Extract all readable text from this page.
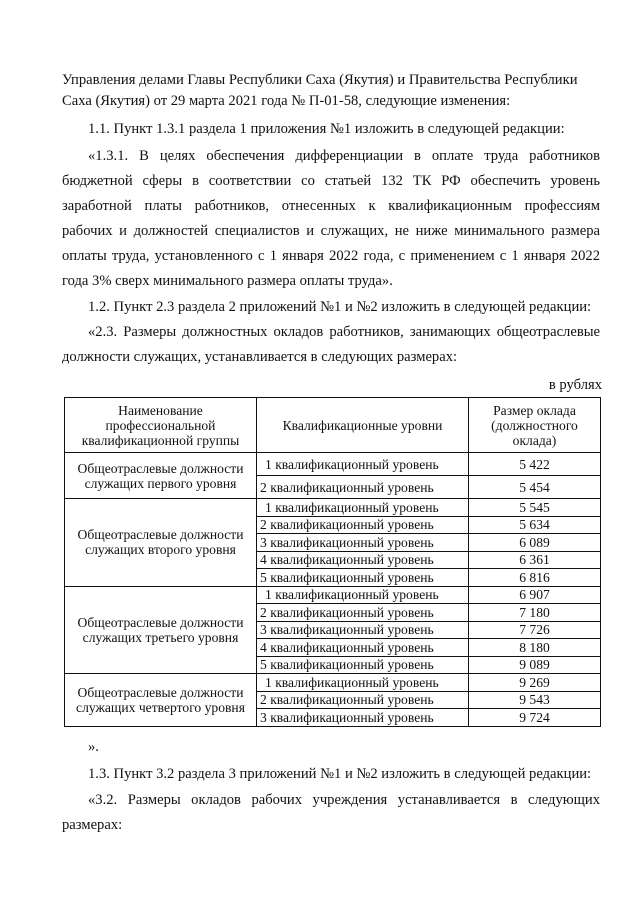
Управления делами Главы Республики Саха (Якутия) и Правительства Республики
Саха (Якутия) от 29 марта 2021 года № П-01-58, следующие изменения:
1.1. Пункт 1.3.1 раздела 1 приложения №1 изложить в следующей редакции:
«1.3.1. В целях обеспечения дифференциации в оплате труда работников
бюджетной сферы в соответствии со статьей 132 ТК РФ обеспечить уровень
заработной платы работников, отнесенных к квалификационным профессиям
рабочих и должностей специалистов и служащих, не ниже минимального размера
оплаты труда, установленного с 1 января 2022 года, с применением с 1 января 2022
года 3% сверх минимального размера оплаты труда».
1.2. Пункт 2.3 раздела 2 приложений №1 и №2 изложить в следующей редакции:
«2.3. Размеры должностных окладов работников, занимающих общеотраслевые
должности служащих, устанавливается в следующих размерах:
в рублях
Наименование профессиональной квалификационной группы	Квалификационные уровни	Размер оклада (должностного оклада)
Общеотраслевые должности служащих первого уровня	1 квалификационный уровень	5 422
	2 квалификационный уровень	5 454
Общеотраслевые должности служащих второго уровня	1 квалификационный уровень	5 545
	2 квалификационный уровень	5 634
	3 квалификационный уровень	6 089
	4 квалификационный уровень	6 361
	5 квалификационный уровень	6 816
Общеотраслевые должности служащих третьего уровня	1 квалификационный уровень	6 907
	2 квалификационный уровень	7 180
	3 квалификационный уровень	7 726
	4 квалификационный уровень	8 180
	5 квалификационный уровень	9 089
Общеотраслевые должности служащих четвертого уровня	1 квалификационный уровень	9 269
	2 квалификационный уровень	9 543
	3 квалификационный уровень	9 724
».
1.3. Пункт 3.2 раздела 3 приложений №1 и №2 изложить в следующей редакции:
«3.2. Размеры окладов рабочих учреждения устанавливается в следующих
размерах:
